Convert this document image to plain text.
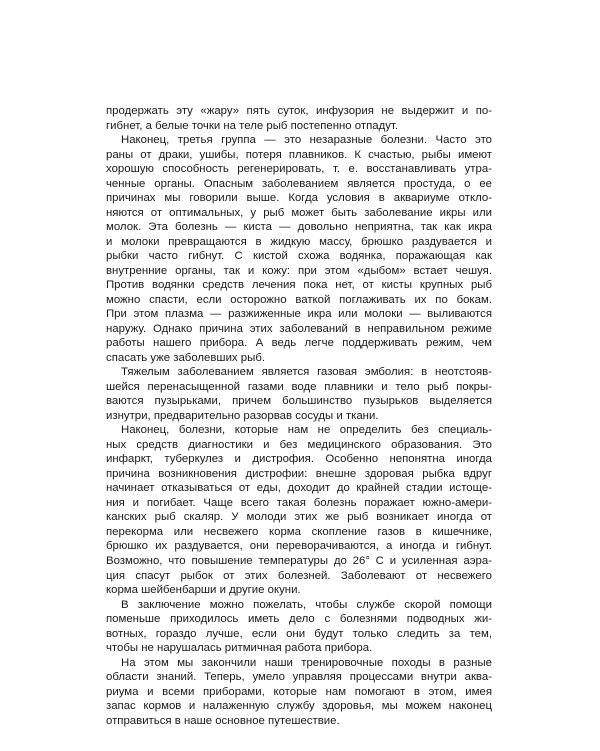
продержать эту «жару» пять суток, инфузория не выдержит и по-
гибнет, а белые точки на теле рыб постепенно отпадут.
Наконец, третья группа — это незаразные болезни. Часто это
раны от драки, ушибы, потеря плавников. К счастью, рыбы имеют
хорошую способность регенерировать, т. е. восстанавливать утра-
ченные органы. Опасным заболеванием является простуда, о ее
причинах мы говорили выше. Когда условия в аквариуме откло-
няются от оптимальных, у рыб может быть заболевание икры или
молок. Эта болезнь — киста — довольно неприятна, так как икра
и молоки превращаются в жидкую массу, брюшко раздувается и
рыбки часто гибнут. С кистой схожа водянка, поражающая как
внутренние органы, так и кожу: при этом «дыбом» встает чешуя.
Против водянки средств лечения пока нет, от кисты крупных рыб
можно спасти, если осторожно ваткой поглаживать их по бокам.
При этом плазма — разжиженные икра или молоки — выливаются
наружу. Однако причина этих заболеваний в неправильном режиме
работы нашего прибора. А ведь легче поддерживать режим, чем
спасать уже заболевших рыб.
Тяжелым заболеванием является газовая эмболия: в неотстояв-
шейся перенасыщенной газами воде плавники и тело рыб покры-
ваются пузырьками, причем большинство пузырьков выделяется
изнутри, предварительно разорвав сосуды и ткани.
Наконец, болезни, которые нам не определить без специаль-
ных средств диагностики и без медицинского образования. Это
инфаркт, туберкулез и дистрофия. Особенно непонятна иногда
причина возникновения дистрофии: внешне здоровая рыбка вдруг
начинает отказываться от еды, доходит до крайней стадии истоще-
ния и погибает. Чаще всего такая болезнь поражает южно-амери-
канских рыб скаляр. У молоди этих же рыб возникает иногда от
перекорма или несвежего корма скопление газов в кишечнике,
брюшко их раздувается, они переворачиваются, а иногда и гибнут.
Возможно, что повышение температуры до 26° С и усиленная аэра-
ция спасут рыбок от этих болезней. Заболевают от несвежего
корма шейбенбарши и другие окуни.
В заключение можно пожелать, чтобы службе скорой помощи
поменьше приходилось иметь дело с болезнями подводных жи-
вотных, гораздо лучше, если они будут только следить за тем,
чтобы не нарушалась ритмичная работа прибора.
На этом мы закончили наши тренировочные походы в разные
области знаний. Теперь, умело управляя процессами внутри аква-
риума и всеми приборами, которые нам помогают в этом, имея
запас кормов и налаженную службу здоровья, мы можем наконец
отправиться в наше основное путешествие.
